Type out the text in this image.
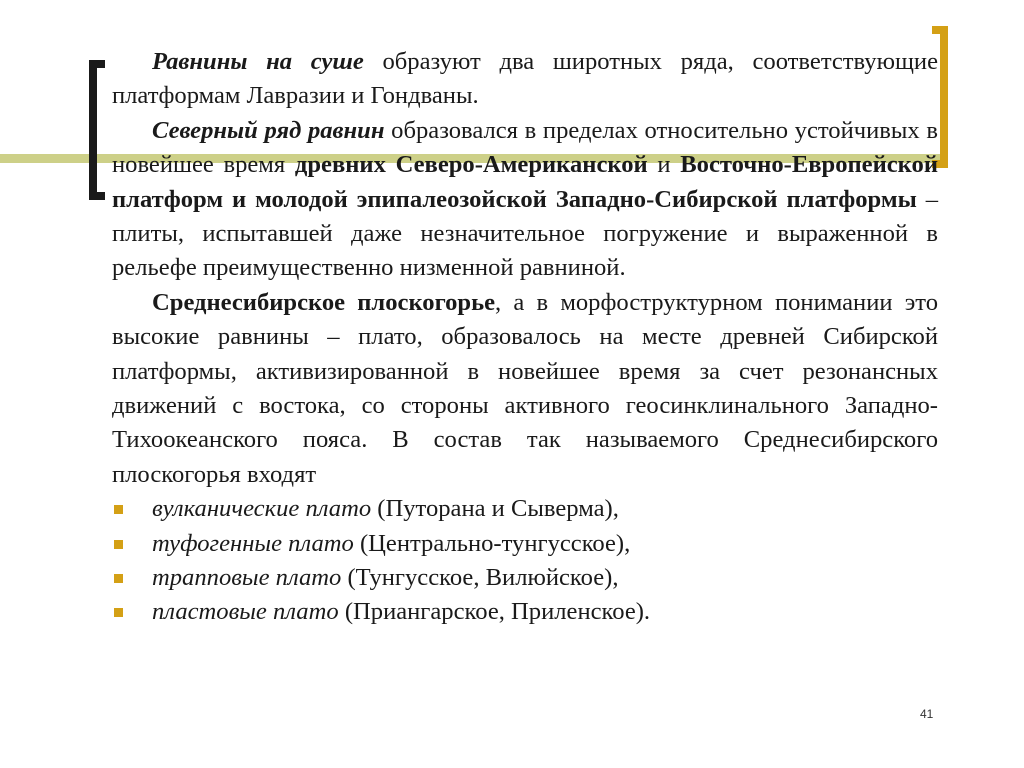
Равнины на суше образуют два широтных ряда, соответствующие платформам Лавразии и Гондваны.

Северный ряд равнин образовался в пределах относительно устойчивых в новейшее время древних Северо-Американской и Восточно-Европейской платформ и молодой эпипалеозойской Западно-Сибирской платформы – плиты, испытавшей даже незначительное погружение и выраженной в рельефе преимущественно низменной равниной.

Среднесибирское плоскогорье, а в морфоструктурном понимании это высокие равнины – плато, образовалось на месте древней Сибирской платформы, активизированной в новейшее время за счет резонансных движений с востока, со стороны активного геосинклинального Западно-Тихоокеанского пояса. В состав так называемого Среднесибирского плоскогорья входят

вулканические плато (Путорана и Сыверма),
туфогенные плато (Центрально-тунгусское),
трапповые плато (Тунгусское, Вилюйское),
пластовые плато (Приангарское, Приленское).
41
